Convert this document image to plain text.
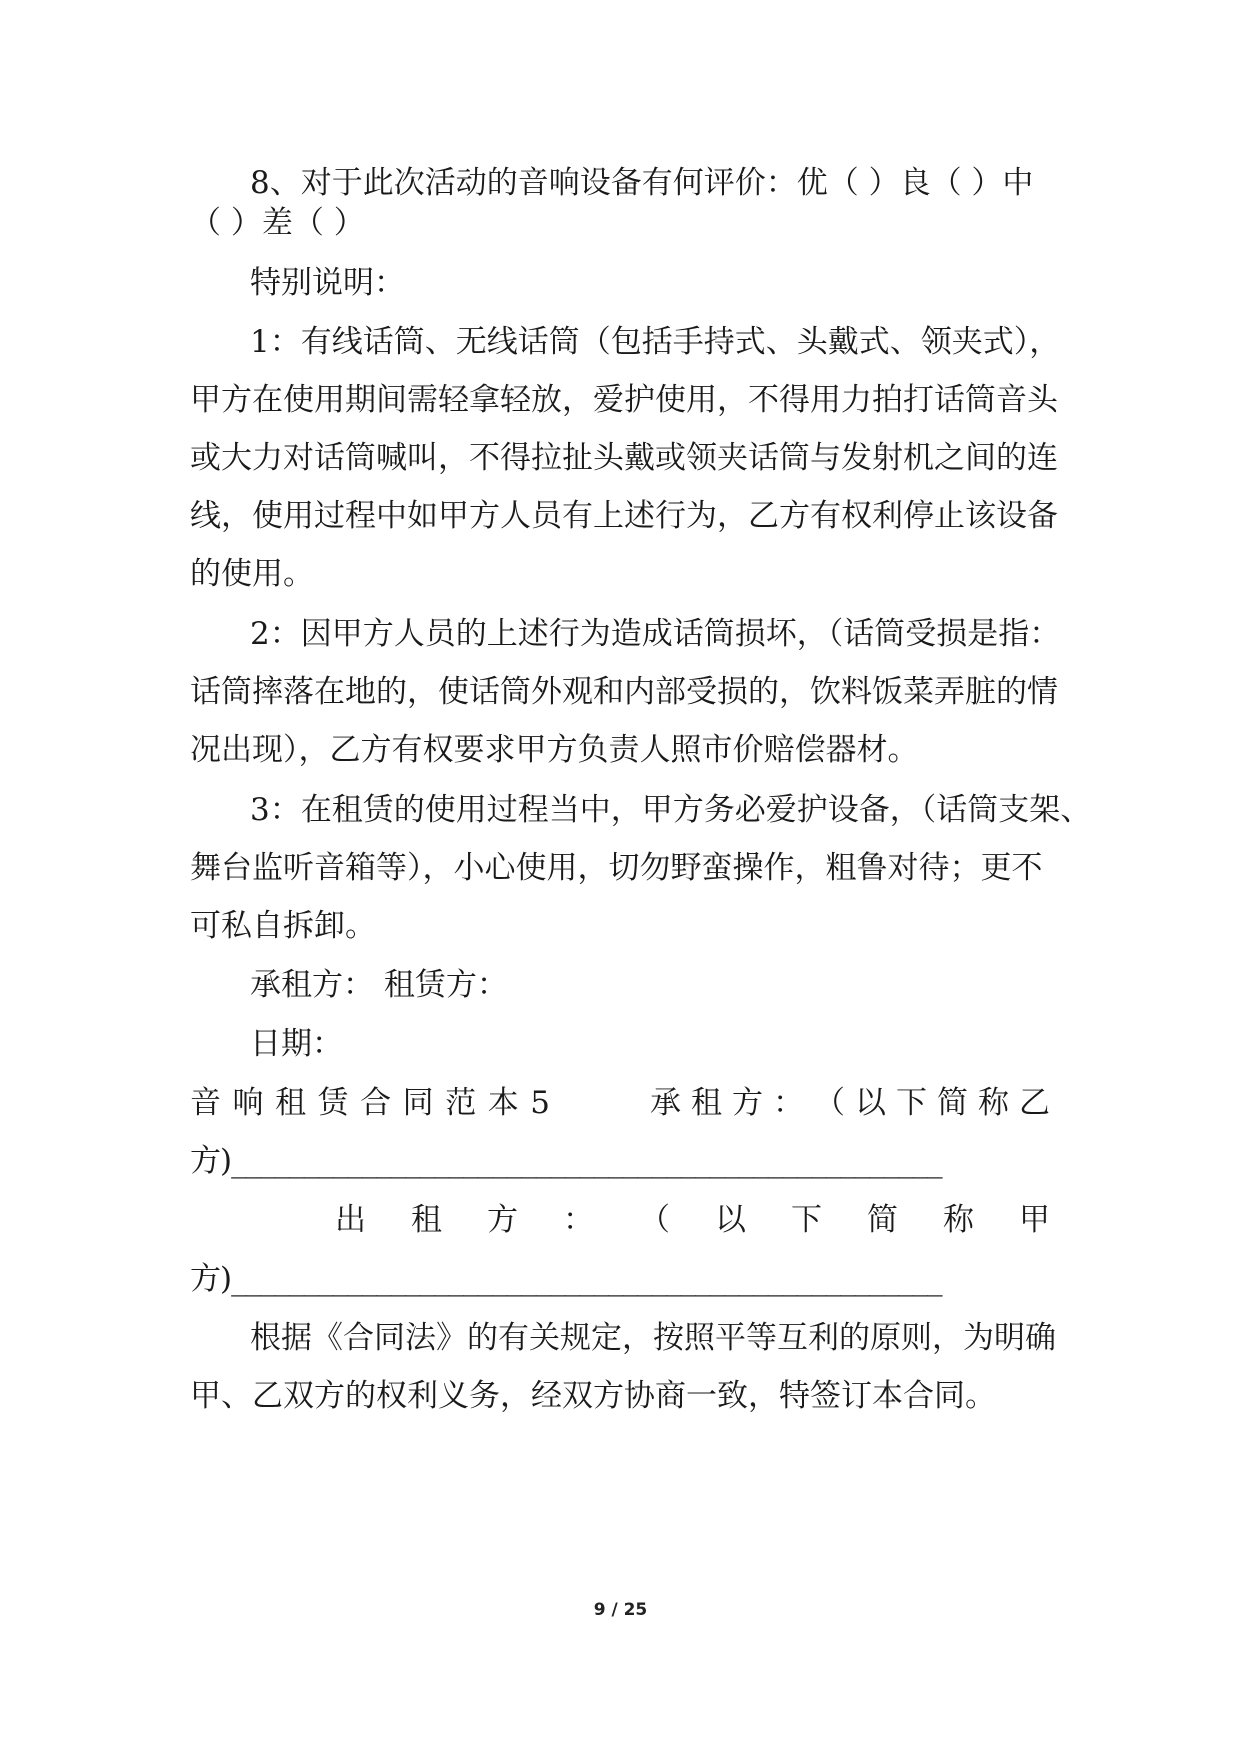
8、对于此次活动的音响设备有何评价：优（ ）良（ ）中
（ ）差（ ）
特别说明：
1：有线话筒、无线话筒（包括手持式、头戴式、领夹式），
甲方在使用期间需轻拿轻放，爱护使用，不得用力拍打话筒音头
或大力对话筒喊叫，不得拉扯头戴或领夹话筒与发射机之间的连
线，使用过程中如甲方人员有上述行为，乙方有权利停止该设备
的使用。
2：因甲方人员的上述行为造成话筒损坏，（话筒受损是指：
话筒摔落在地的，使话筒外观和内部受损的，饮料饭菜弄脏的情
况出现），乙方有权要求甲方负责人照市价赔偿器材。
3：在租赁的使用过程当中，甲方务必爱护设备，（话筒支架、
舞台监听音箱等），小心使用，切勿野蛮操作，粗鲁对待；更不
可私自拆卸。
承租方： 租赁方：
日期：
音 响 租 赁 合 同 范 本 5	承 租 方 ： （ 以 下 简 称 乙
方)_________________________________________________
出 租 方 ： （ 以 下 简 称 甲
方)_________________________________________________
根据《合同法》的有关规定，按照平等互利的原则，为明确
甲、乙双方的权利义务，经双方协商一致，特签订本合同。
9 / 25
